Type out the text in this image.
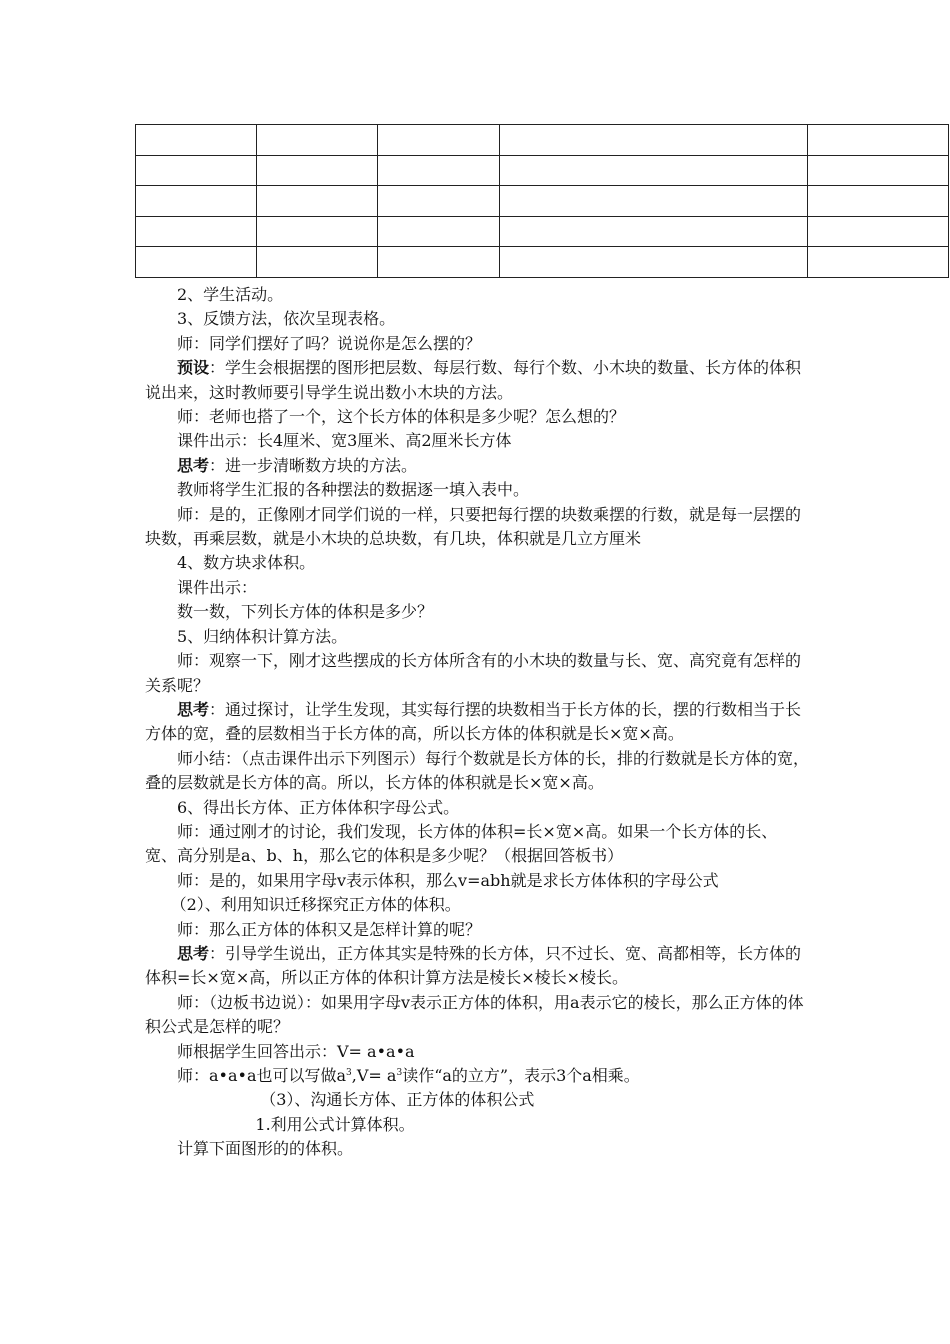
2、学生活动。

3、反馈方法，依次呈现表格。

师：同学们摆好了吗？说说你是怎么摆的？

预设：学生会根据摆的图形把层数、每层行数、每行个数、小木块的数量、长方体的体积说出来，这时教师要引导学生说出数小木块的方法。

师：老师也搭了一个，这个长方体的体积是多少呢？怎么想的？

课件出示：长4厘米、宽3厘米、高2厘米长方体

思考：进一步清晰数方块的方法。

教师将学生汇报的各种摆法的数据逐一填入表中。

师：是的，正像刚才同学们说的一样，只要把每行摆的块数乘摆的行数，就是每一层摆的块数，再乘层数，就是小木块的总块数，有几块，体积就是几立方厘米

4、数方块求体积。

课件出示：

数一数，下列长方体的体积是多少？

5、归纳体积计算方法。

师：观察一下，刚才这些摆成的长方体所含有的小木块的数量与长、宽、高究竟有怎样的关系呢？

思考：通过探讨，让学生发现，其实每行摆的块数相当于长方体的长，摆的行数相当于长方体的宽，叠的层数相当于长方体的高，所以长方体的体积就是长×宽×高。

师小结：（点击课件出示下列图示）每行个数就是长方体的长，排的行数就是长方体的宽，叠的层数就是长方体的高。所以，长方体的体积就是长×宽×高。

6、得出长方体、正方体体积字母公式。

师：通过刚才的讨论，我们发现，长方体的体积=长×宽×高。如果一个长方体的长、宽、高分别是a、b、h，那么它的体积是多少呢？（根据回答板书）

师：是的，如果用字母v表示体积，那么v=abh就是求长方体体积的字母公式

（2）、利用知识迁移探究正方体的体积。

师：那么正方体的体积又是怎样计算的呢？

思考：引导学生说出，正方体其实是特殊的长方体，只不过长、宽、高都相等，长方体的体积=长×宽×高，所以正方体的体积计算方法是棱长×棱长×棱长。

师：（边板书边说）：如果用字母v表示正方体的体积，用a表示它的棱长，那么正方体的体积公式是怎样的呢？

师根据学生回答出示：V= a•a•a

师：a•a•a也可以写做$a^3,V= a^3$读作“a的立方”，表示3个a相乘。

（3）、沟通长方体、正方体的体积公式

1.利用公式计算体积。

计算下面图形的的体积。
